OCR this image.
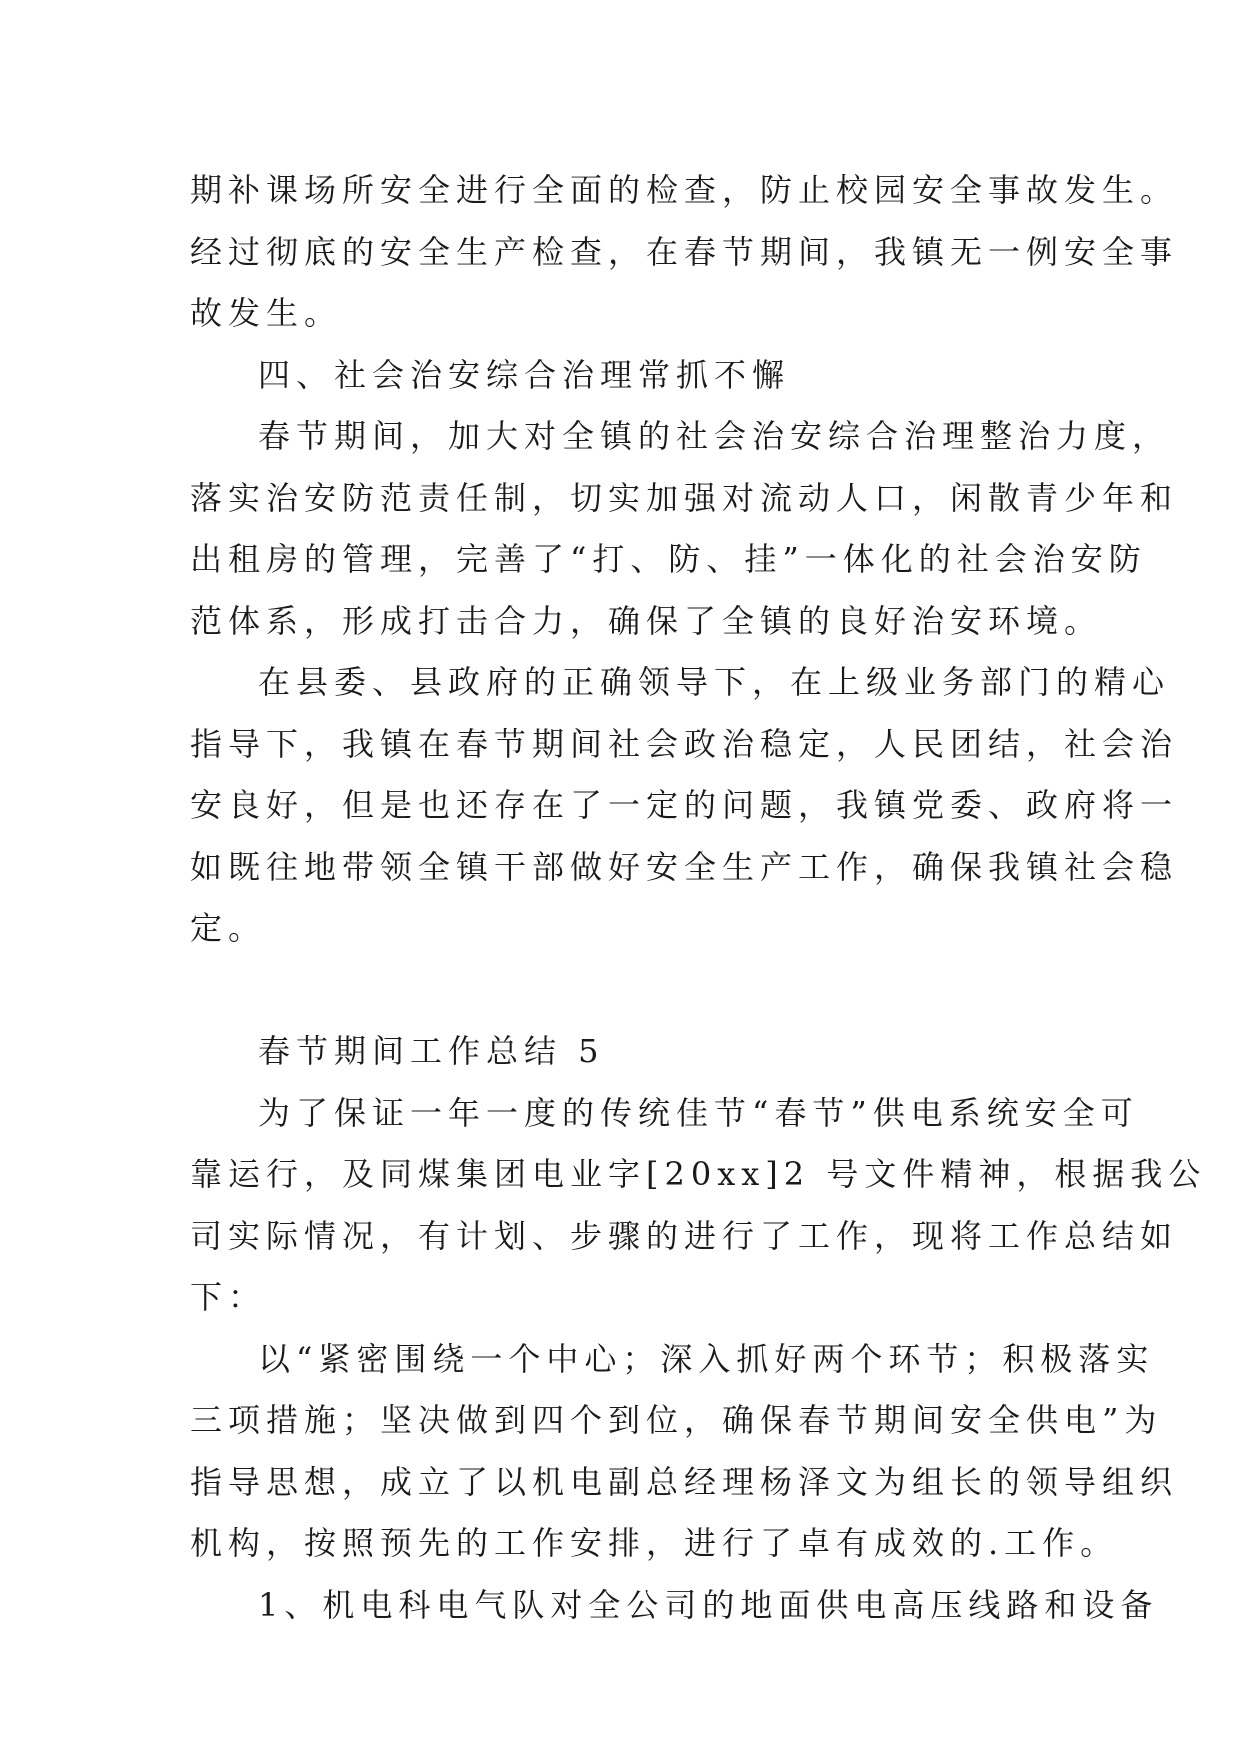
期补课场所安全进行全面的检查，防止校园安全事故发生。
经过彻底的安全生产检查，在春节期间，我镇无一例安全事
故发生。
四、社会治安综合治理常抓不懈
春节期间，加大对全镇的社会治安综合治理整治力度，
落实治安防范责任制，切实加强对流动人口，闲散青少年和
出租房的管理，完善了“打、防、挂”一体化的社会治安防
范体系，形成打击合力，确保了全镇的良好治安环境。
在县委、县政府的正确领导下，在上级业务部门的精心
指导下，我镇在春节期间社会政治稳定，人民团结，社会治
安良好，但是也还存在了一定的问题，我镇党委、政府将一
如既往地带领全镇干部做好安全生产工作，确保我镇社会稳
定。
春节期间工作总结 5
为了保证一年一度的传统佳节“春节”供电系统安全可
靠运行，及同煤集团电业字[20xx]2 号文件精神，根据我公
司实际情况，有计划、步骤的进行了工作，现将工作总结如
下：
以“紧密围绕一个中心；深入抓好两个环节；积极落实
三项措施；坚决做到四个到位，确保春节期间安全供电”为
指导思想，成立了以机电副总经理杨泽文为组长的领导组织
机构，按照预先的工作安排，进行了卓有成效的.工作。
1、机电科电气队对全公司的地面供电高压线路和设备
